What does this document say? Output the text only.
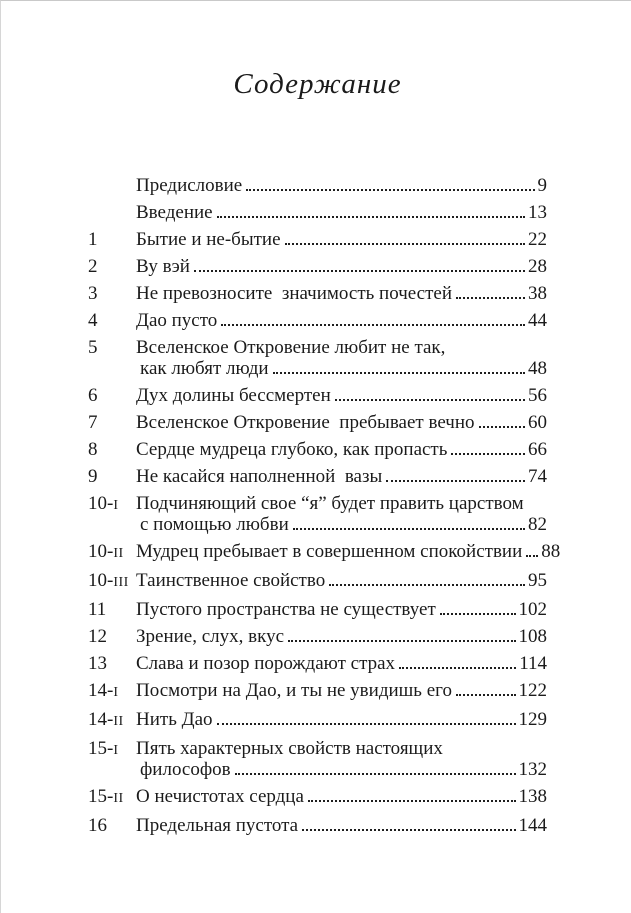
Содержание
Предисловие	9
Введение	13
1	Бытие и не-бытие	22
2	Ву вэй	28
3	Не превозносите  значимость почестей	38
4	Дао пусто	44
5	Вселенское Откровение любит не так,
как любят люди	48
6	Дух долины бессмертен	56
7	Вселенское Откровение  пребывает вечно	60
8	Сердце мудреца глубоко, как пропасть	66
9	Не касайся наполненной  вазы	74
10-I Подчиняющий свое “я” будет править царством
с помощью любви	82
10-II Мудрец пребывает в совершенном спокойствии 88
10-III Таинственное свойство	95
11	Пустого пространства не существует	102
12	Зрение, слух, вкус	108
13	Слава и позор порождают страх	114
14-I Посмотри на Дао, и ты не увидишь его	122
14-II Нить Дао	129
15-I Пять характерных свойств настоящих
философов	132
15-II О нечистотах сердца	138
16	Предельная пустота	144
